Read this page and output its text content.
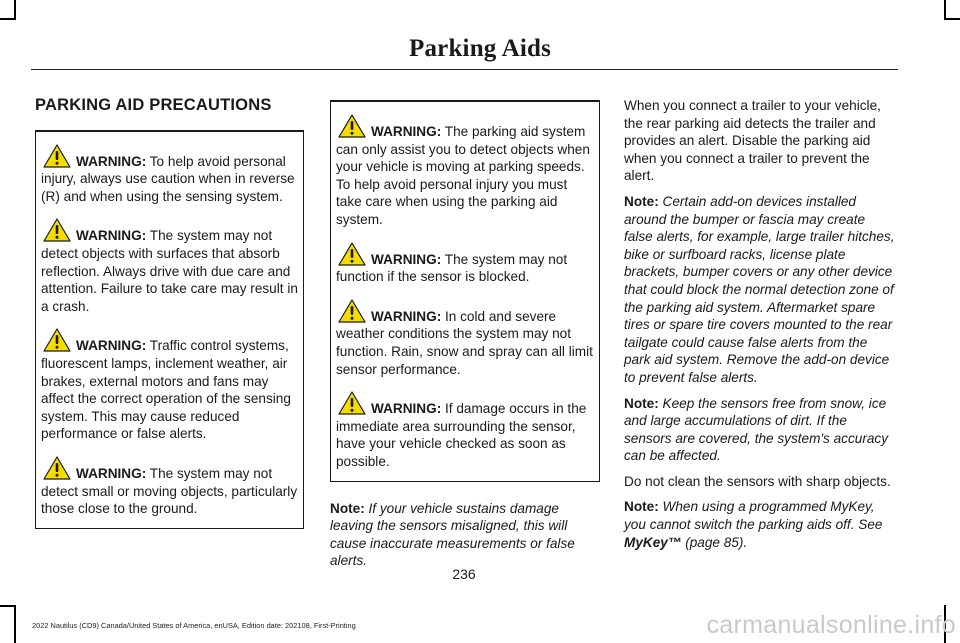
Parking Aids
PARKING AID PRECAUTIONS
WARNING: To help avoid personal injury, always use caution when in reverse (R) and when using the sensing system.
WARNING: The system may not detect objects with surfaces that absorb reflection. Always drive with due care and attention. Failure to take care may result in a crash.
WARNING: Traffic control systems, fluorescent lamps, inclement weather, air brakes, external motors and fans may affect the correct operation of the sensing system. This may cause reduced performance or false alerts.
WARNING: The system may not detect small or moving objects, particularly those close to the ground.
WARNING: The parking aid system can only assist you to detect objects when your vehicle is moving at parking speeds. To help avoid personal injury you must take care when using the parking aid system.
WARNING: The system may not function if the sensor is blocked.
WARNING: In cold and severe weather conditions the system may not function. Rain, snow and spray can all limit sensor performance.
WARNING: If damage occurs in the immediate area surrounding the sensor, have your vehicle checked as soon as possible.

Note: If your vehicle sustains damage leaving the sensors misaligned, this will cause inaccurate measurements or false alerts.

When you connect a trailer to your vehicle, the rear parking aid detects the trailer and provides an alert. Disable the parking aid when you connect a trailer to prevent the alert.

Note: Certain add-on devices installed around the bumper or fascia may create false alerts, for example, large trailer hitches, bike or surfboard racks, license plate brackets, bumper covers or any other device that could block the normal detection zone of the parking aid system. Aftermarket spare tires or spare tire covers mounted to the rear tailgate could cause false alerts from the park aid system. Remove the add-on device to prevent false alerts.

Note: Keep the sensors free from snow, ice and large accumulations of dirt. If the sensors are covered, the system's accuracy can be affected.

Do not clean the sensors with sharp objects.

Note: When using a programmed MyKey, you cannot switch the parking aids off. See MyKey™ (page 85).

236
2022 Nautilus (CD9) Canada/United States of America, enUSA, Edition date: 202108, First-Printing	carmanualsonline.info
